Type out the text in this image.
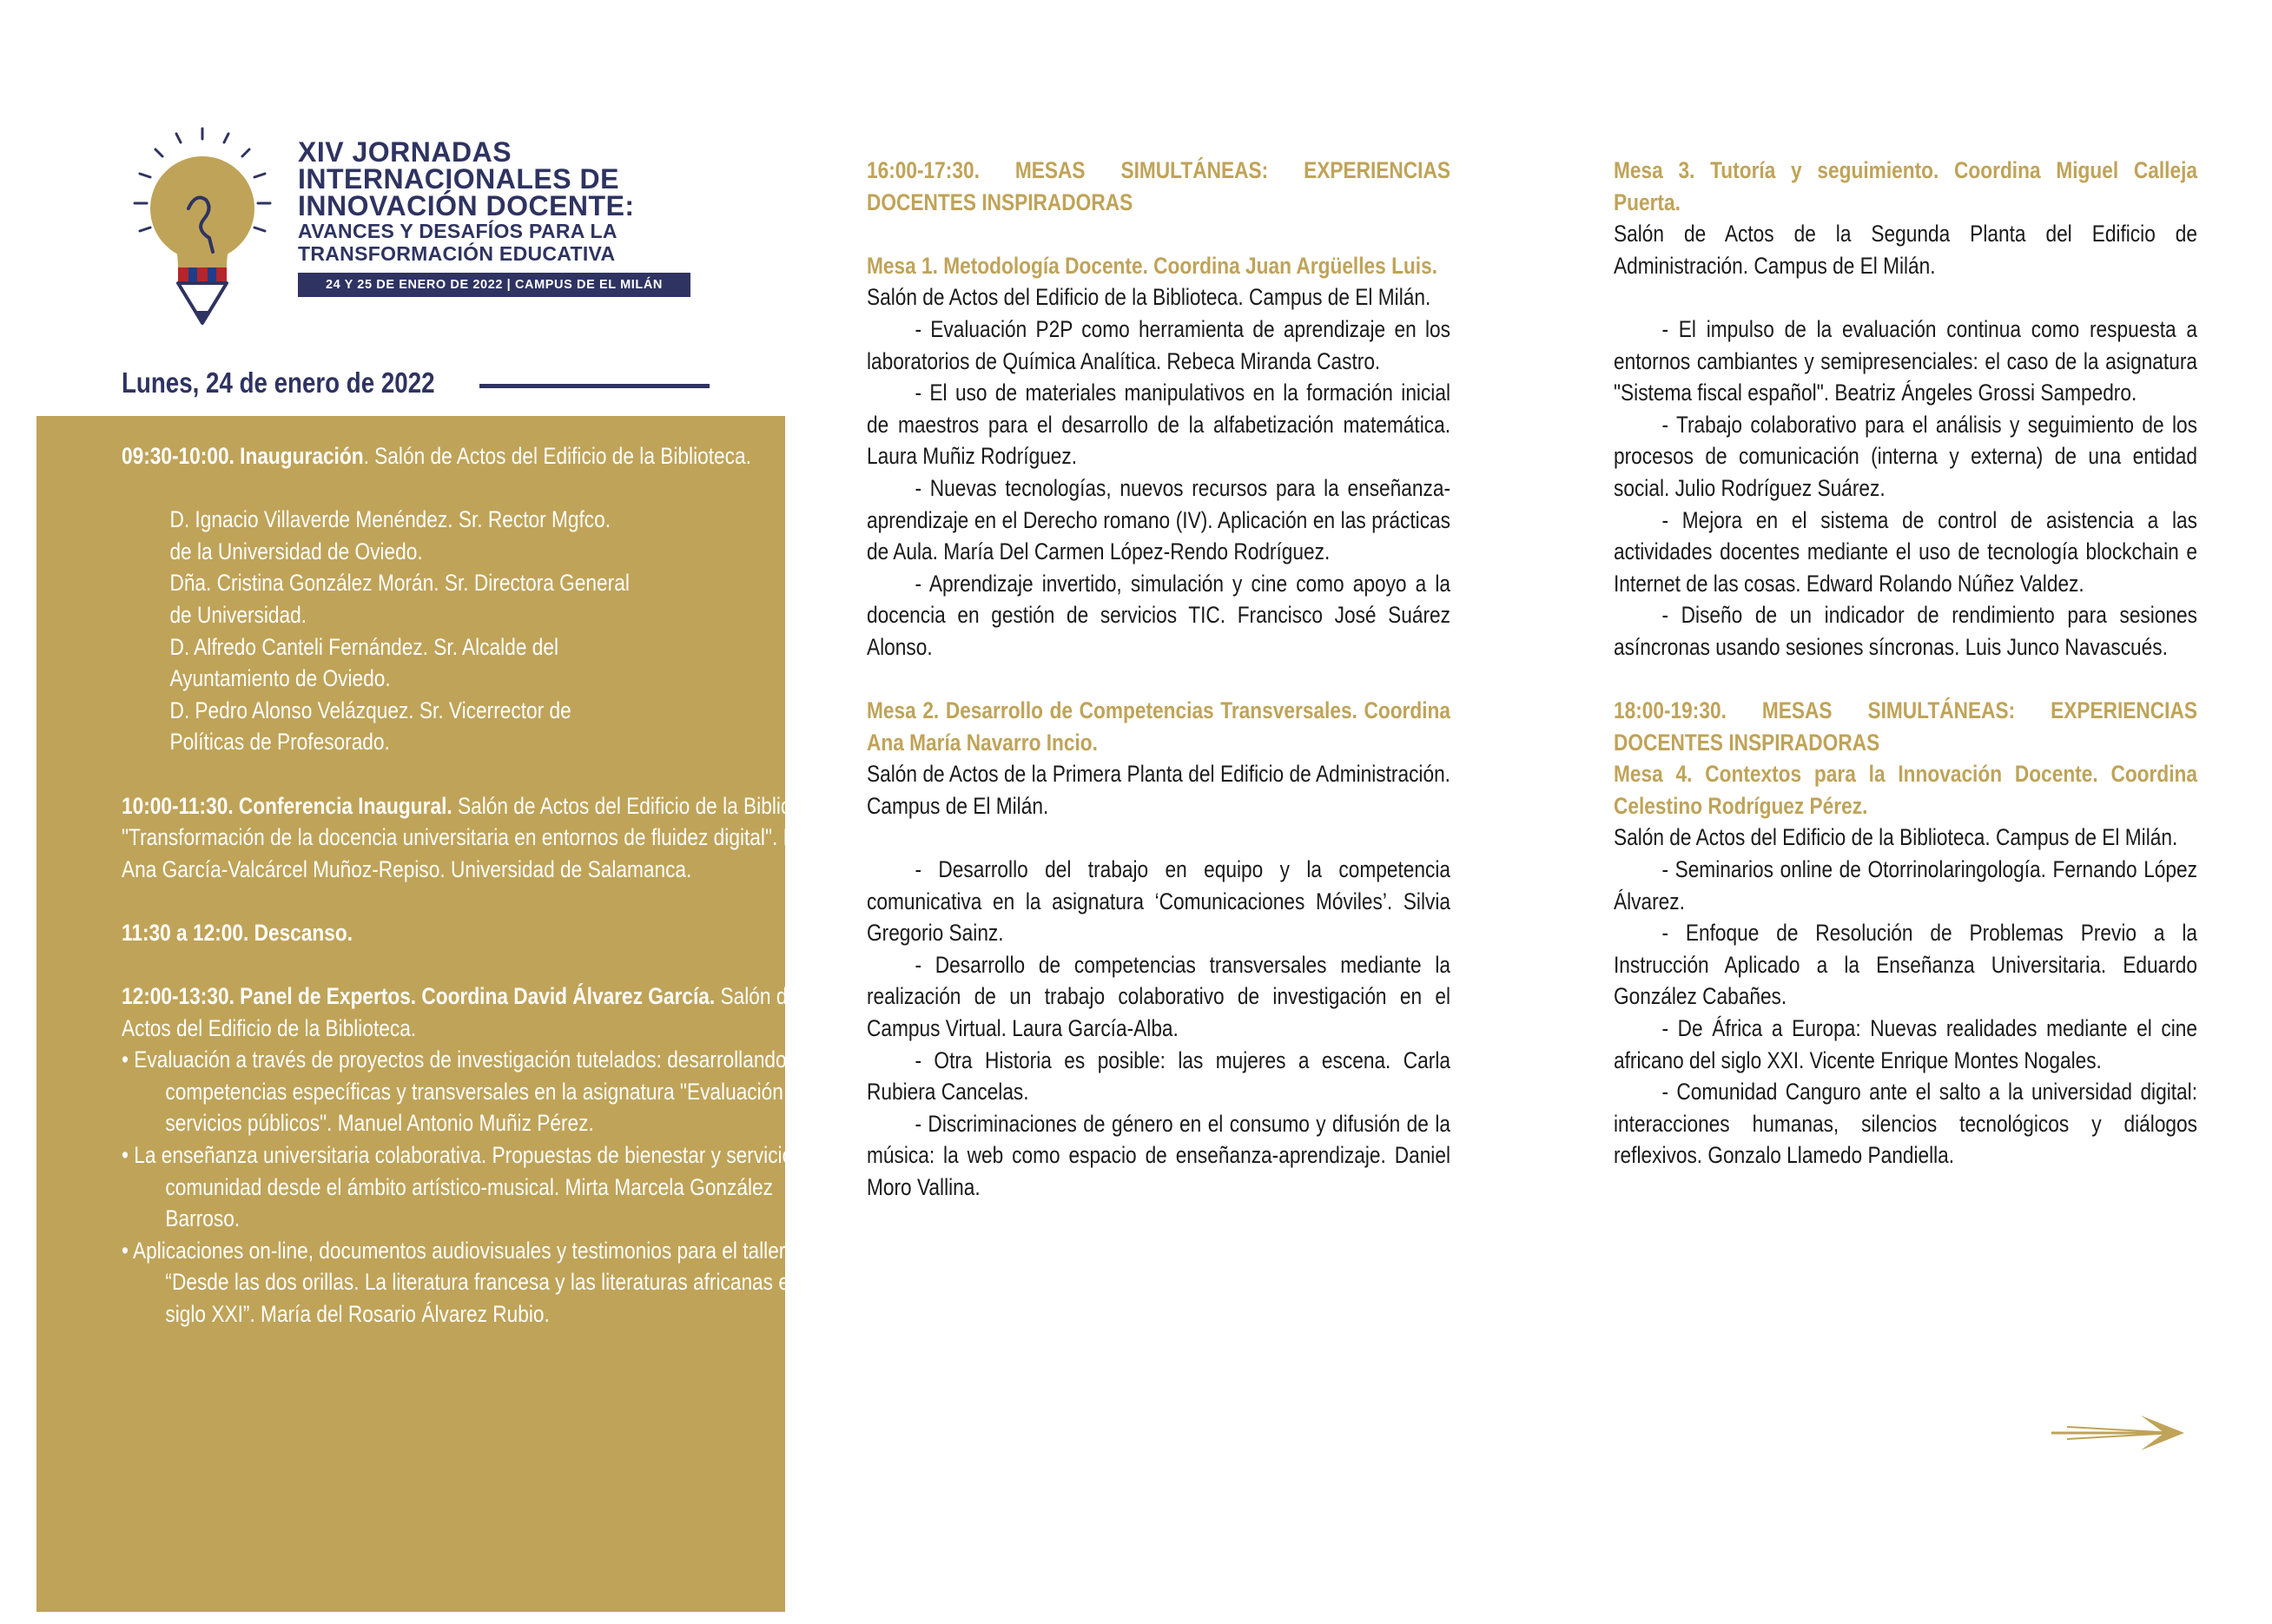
XIV JORNADAS
INTERNACIONALES DE
INNOVACIÓN DOCENTE:
AVANCES Y DESAFÍOS PARA LA
TRANSFORMACIÓN EDUCATIVA
24 Y 25 DE ENERO DE 2022 | CAMPUS DE EL MILÁN
Lunes, 24 de enero de 2022

09:30-10:00. Inauguración. Salón de Actos del Edificio de la Biblioteca.

D. Ignacio Villaverde Menéndez. Sr. Rector Mgfco.
de la Universidad de Oviedo.
Dña. Cristina González Morán. Sr. Directora General
de Universidad.
D. Alfredo Canteli Fernández. Sr. Alcalde del
Ayuntamiento de Oviedo.
D. Pedro Alonso Velázquez. Sr. Vicerrector de
Políticas de Profesorado.

10:00-11:30. Conferencia Inaugural. Salón de Actos del Edificio de la Biblioteca. "Transformación de la docencia universitaria en entornos de fluidez digital". Dña. Ana García-Valcárcel Muñoz-Repiso. Universidad de Salamanca.

11:30 a 12:00. Descanso.

12:00-13:30. Panel de Expertos. Coordina David Álvarez García. Salón de Actos del Edificio de la Biblioteca.

• Evaluación a través de proyectos de investigación tutelados: desarrollando competencias específicas y transversales en la asignatura "Evaluación de servicios públicos". Manuel Antonio Muñiz Pérez.

• La enseñanza universitaria colaborativa. Propuestas de bienestar y servicio a la comunidad desde el ámbito artístico-musical. Mirta Marcela González Barroso.

• Aplicaciones on-line, documentos audiovisuales y testimonios para el taller “Desde las dos orillas. La literatura francesa y las literaturas africanas en el siglo XXI”. María del Rosario Álvarez Rubio.

16:00-17:30. MESAS SIMULTÁNEAS: EXPERIENCIAS DOCENTES INSPIRADORAS

Mesa 1. Metodología Docente. Coordina Juan Argüelles Luis.

Salón de Actos del Edificio de la Biblioteca. Campus de El Milán.

- Evaluación P2P como herramienta de aprendizaje en los laboratorios de Química Analítica. Rebeca Miranda Castro.

- El uso de materiales manipulativos en la formación inicial de maestros para el desarrollo de la alfabetización matemática. Laura Muñiz Rodríguez.

- Nuevas tecnologías, nuevos recursos para la enseñanza-aprendizaje en el Derecho romano (IV). Aplicación en las prácticas de Aula. María Del Carmen López-Rendo Rodríguez.

- Aprendizaje invertido, simulación y cine como apoyo a la docencia en gestión de servicios TIC. Francisco José Suárez Alonso.

Mesa 2. Desarrollo de Competencias Transversales. Coordina Ana María Navarro Incio.

Salón de Actos de la Primera Planta del Edificio de Administración. Campus de El Milán.

- Desarrollo del trabajo en equipo y la competencia comunicativa en la asignatura ‘Comunicaciones Móviles’. Silvia Gregorio Sainz.

- Desarrollo de competencias transversales mediante la realización de un trabajo colaborativo de investigación en el Campus Virtual. Laura García-Alba.

- Otra Historia es posible: las mujeres a escena. Carla Rubiera Cancelas.

- Discriminaciones de género en el consumo y difusión de la música: la web como espacio de enseñanza-aprendizaje. Daniel Moro Vallina.

Mesa 3. Tutoría y seguimiento. Coordina Miguel Calleja Puerta.

Salón de Actos de la Segunda Planta del Edificio de Administración. Campus de El Milán.

- El impulso de la evaluación continua como respuesta a entornos cambiantes y semipresenciales: el caso de la asignatura "Sistema fiscal español". Beatriz Ángeles Grossi Sampedro.

- Trabajo colaborativo para el análisis y seguimiento de los procesos de comunicación (interna y externa) de una entidad social. Julio Rodríguez Suárez.

- Mejora en el sistema de control de asistencia a las actividades docentes mediante el uso de tecnología blockchain e Internet de las cosas. Edward Rolando Núñez Valdez.

- Diseño de un indicador de rendimiento para sesiones asíncronas usando sesiones síncronas. Luis Junco Navascués.

18:00-19:30. MESAS SIMULTÁNEAS: EXPERIENCIAS DOCENTES INSPIRADORAS

Mesa 4. Contextos para la Innovación Docente. Coordina Celestino Rodríguez Pérez.

Salón de Actos del Edificio de la Biblioteca. Campus de El Milán.

- Seminarios online de Otorrinolaringología. Fernando López Álvarez.

- Enfoque de Resolución de Problemas Previo a la Instrucción Aplicado a la Enseñanza Universitaria. Eduardo González Cabañes.

- De África a Europa: Nuevas realidades mediante el cine africano del siglo XXI. Vicente Enrique Montes Nogales.

- Comunidad Canguro ante el salto a la universidad digital: interacciones humanas, silencios tecnológicos y diálogos reflexivos. Gonzalo Llamedo Pandiella.
